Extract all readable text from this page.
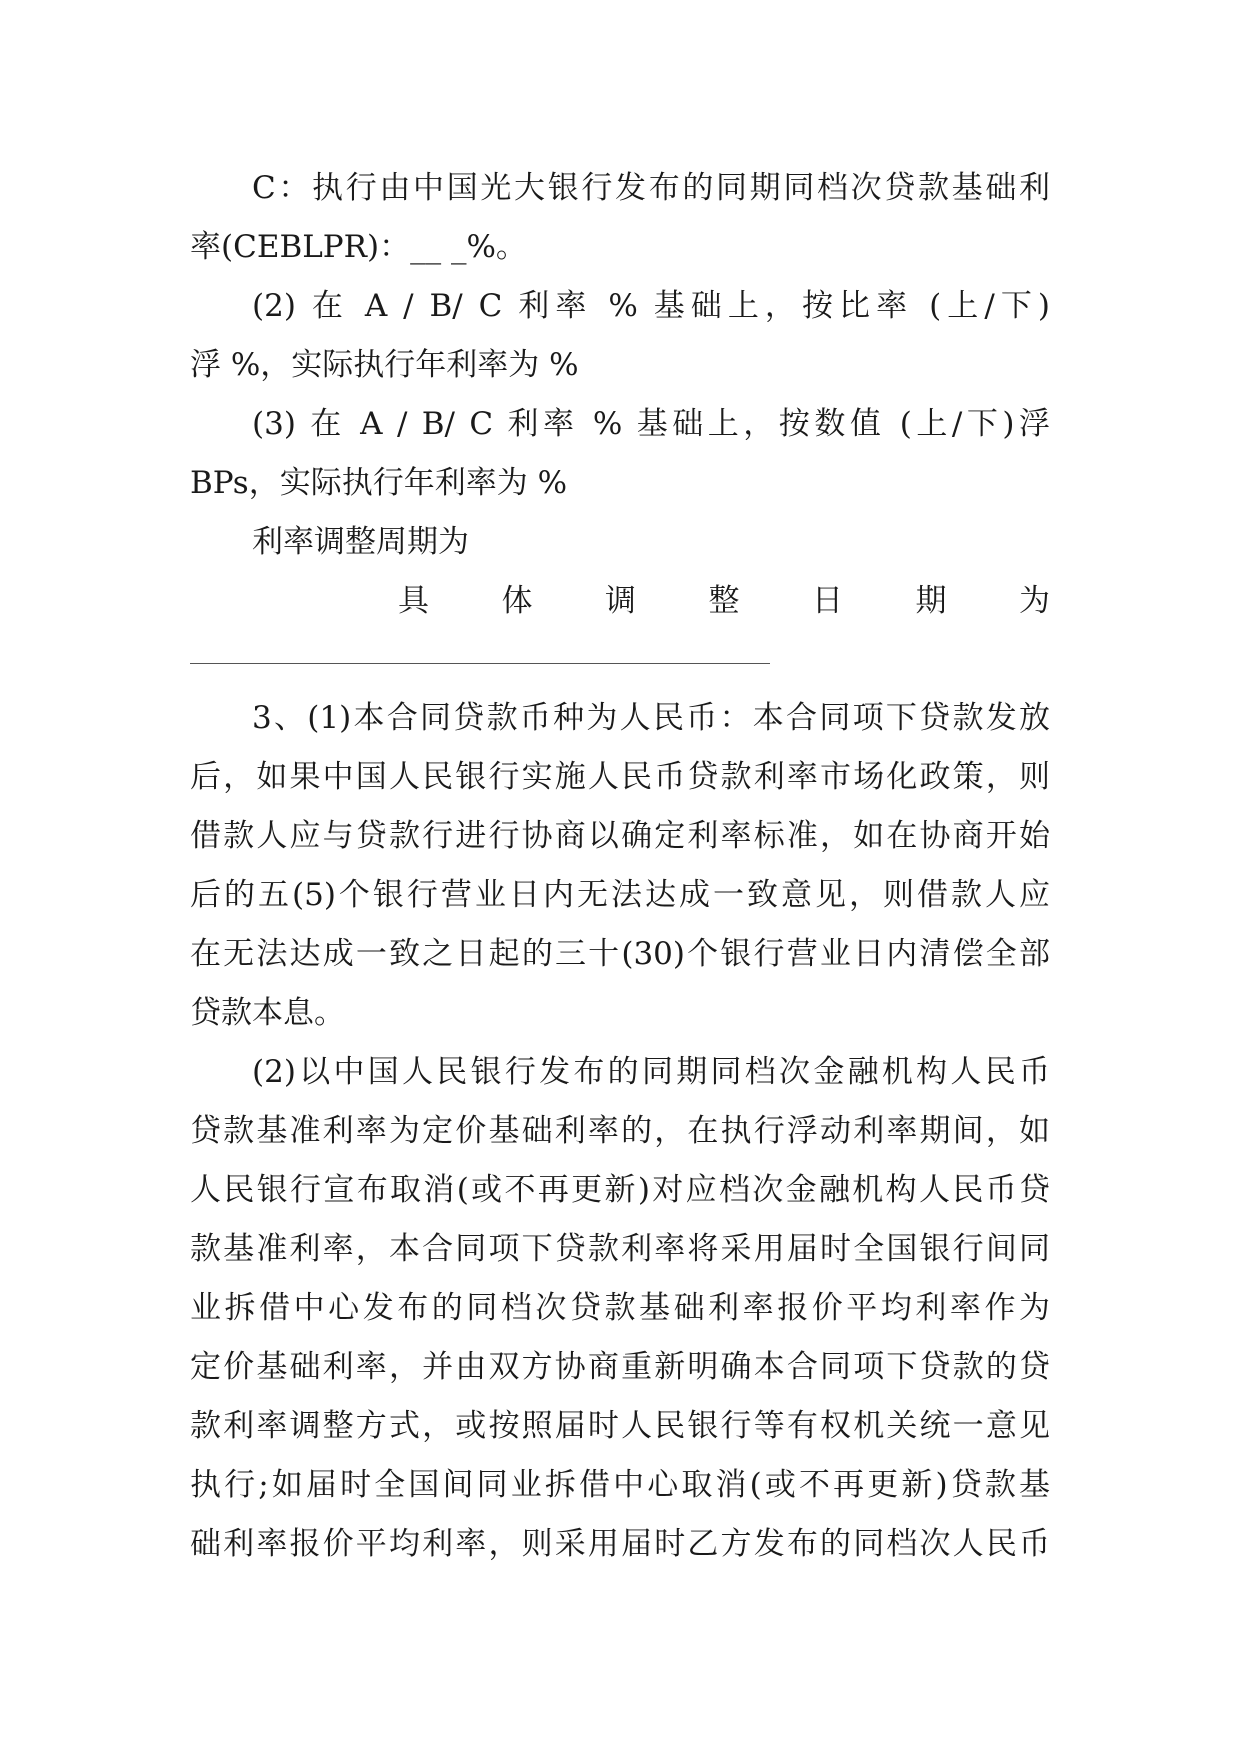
C：执行由中国光大银行发布的同期同档次贷款基础利
率(CEBLPR)：__ _%。
(2) 在 A / B/ C 利率 % 基础上，按比率 (上/下)
浮 %，实际执行年利率为 %
(3) 在 A / B/ C 利率 % 基础上，按数值 (上/下)浮
BPs，实际执行年利率为 %
利率调整周期为
具体调整日期为
3、(1)本合同贷款币种为人民币：本合同项下贷款发放
后，如果中国人民银行实施人民币贷款利率市场化政策，则
借款人应与贷款行进行协商以确定利率标准，如在协商开始
后的五(5)个银行营业日内无法达成一致意见，则借款人应
在无法达成一致之日起的三十(30)个银行营业日内清偿全部
贷款本息。
(2)以中国人民银行发布的同期同档次金融机构人民币
贷款基准利率为定价基础利率的，在执行浮动利率期间，如
人民银行宣布取消(或不再更新)对应档次金融机构人民币贷
款基准利率，本合同项下贷款利率将采用届时全国银行间同
业拆借中心发布的同档次贷款基础利率报价平均利率作为
定价基础利率，并由双方协商重新明确本合同项下贷款的贷
款利率调整方式，或按照届时人民银行等有权机关统一意见
执行;如届时全国间同业拆借中心取消(或不再更新)贷款基
础利率报价平均利率，则采用届时乙方发布的同档次人民币
